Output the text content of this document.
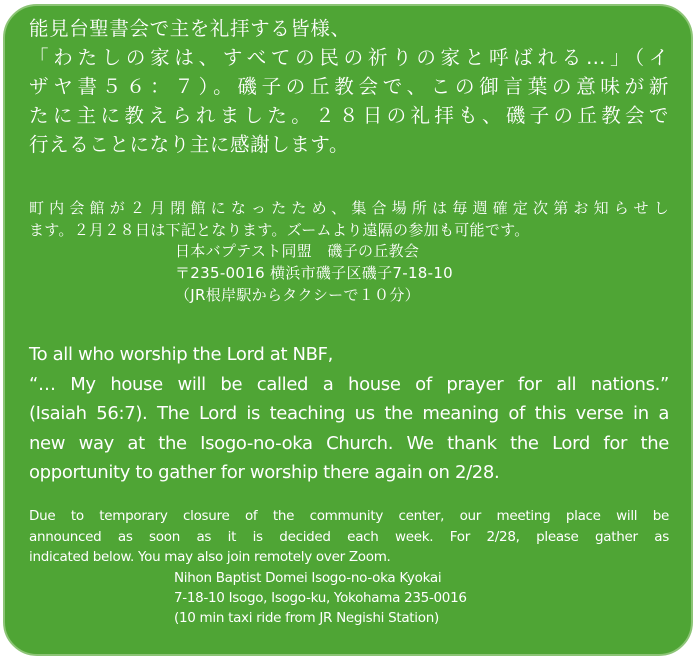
能見台聖書会で主を礼拝する皆様、
「わたしの家は、すべての民の祈りの家と呼ばれる…」（イ
ザヤ書５６：７）。磯子の丘教会で、この御言葉の意味が新
たに主に教えられました。２８日の礼拝も、磯子の丘教会で
行えることになり主に感謝します。
町内会館が２月閉館になったため、集合場所は毎週確定次第お知らせし
ます。２月２８日は下記となります。ズームより遠隔の参加も可能です。
日本バプテスト同盟　磯子の丘教会
〒235-0016 横浜市磯子区磯子7-18-10
（JR根岸駅からタクシーで１０分）
To all who worship the Lord at NBF,
“… My house will be called a house of prayer for all nations.”
(Isaiah 56:7). The Lord is teaching us the meaning of this verse in a
new way at the Isogo-no-oka Church. We thank the Lord for the
opportunity to gather for worship there again on 2/28.
Due to temporary closure of the community center, our meeting place will be
announced as soon as it is decided each week. For 2/28, please gather as
indicated below. You may also join remotely over Zoom.
Nihon Baptist Domei Isogo-no-oka Kyokai
7-18-10 Isogo, Isogo-ku, Yokohama 235-0016
(10 min taxi ride from JR Negishi Station)
